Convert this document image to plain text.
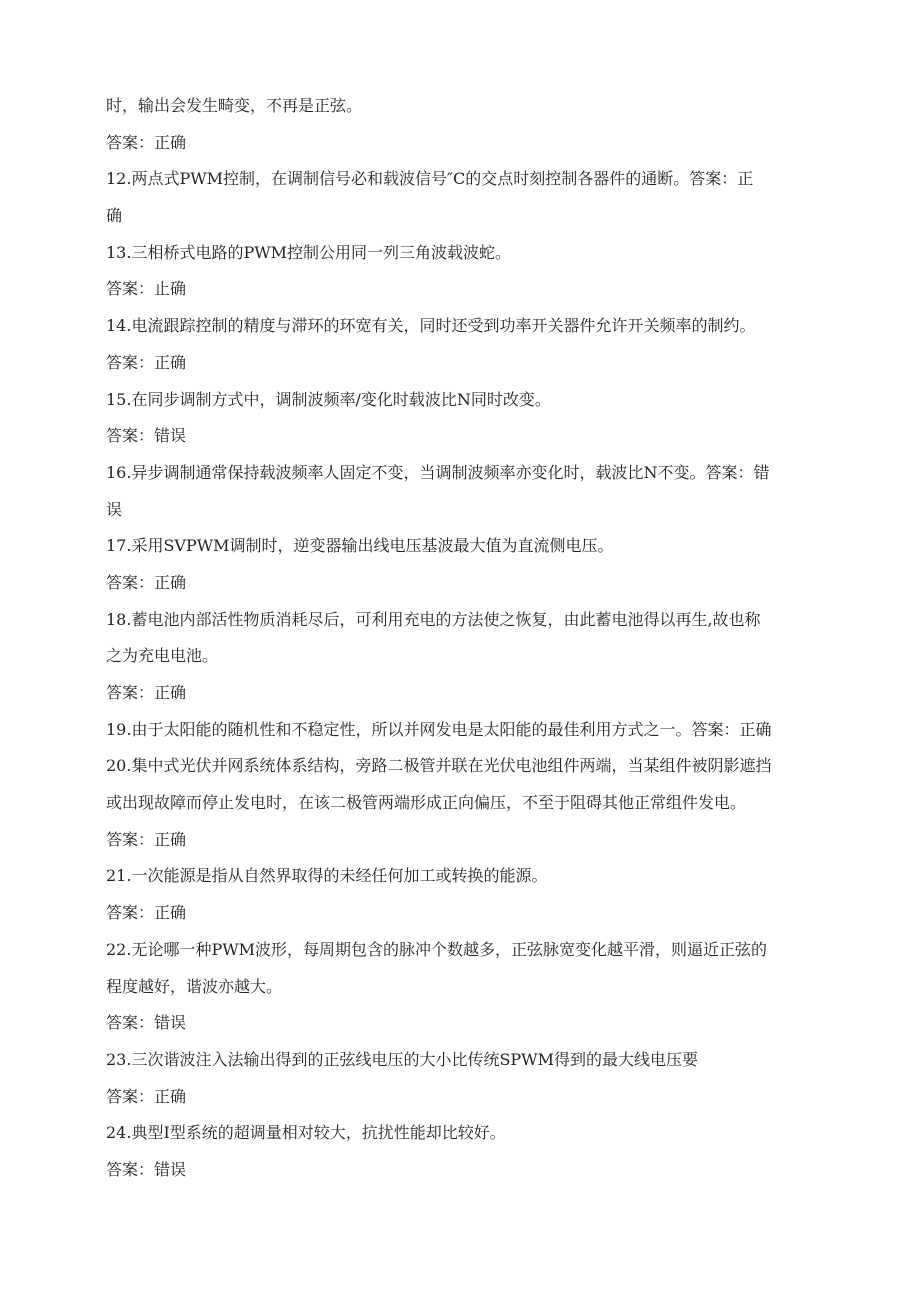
时，输出会发生畸变，不再是正弦。

答案：正确

12.两点式PWM控制，在调制信号必和载波信号″C的交点时刻控制各器件的通断。答案：正

确

13.三相桥式电路的PWM控制公用同一列三角波载波蛇。

答案：止确

14.电流跟踪控制的精度与滞环的环宽有关，同时还受到功率开关器件允许开关频率的制约。

答案：正确

15.在同步调制方式中，调制波频率/变化时载波比N同时改变。

答案：错误

16.异步调制通常保持载波频率人固定不变，当调制波频率亦变化时，载波比N不变。答案：错

误

17.采用SVPWM调制时，逆变器输出线电压基波最大值为直流侧电压。

答案：正确

18.蓄电池内部活性物质消耗尽后，可利用充电的方法使之恢复，由此蓄电池得以再生,故也称

之为充电电池。

答案：正确

19.由于太阳能的随机性和不稳定性，所以并网发电是太阳能的最佳利用方式之一。答案：正确

20.集中式光伏并网系统体系结构，旁路二极管并联在光伏电池组件两端，当某组件被阴影遮挡

或出现故障而停止发电时，在该二极管两端形成正向偏压，不至于阻碍其他正常组件发电。

答案：正确

21.一次能源是指从自然界取得的未经任何加工或转换的能源。

答案：正确

22.无论哪一种PWM波形，每周期包含的脉冲个数越多，正弦脉宽变化越平滑，则逼近正弦的

程度越好，谐波亦越大。

答案：错误

23.三次谐波注入法输出得到的正弦线电压的大小比传统SPWM得到的最大线电压要

答案：正确

24.典型I型系统的超调量相对较大，抗扰性能却比较好。

答案：错误
